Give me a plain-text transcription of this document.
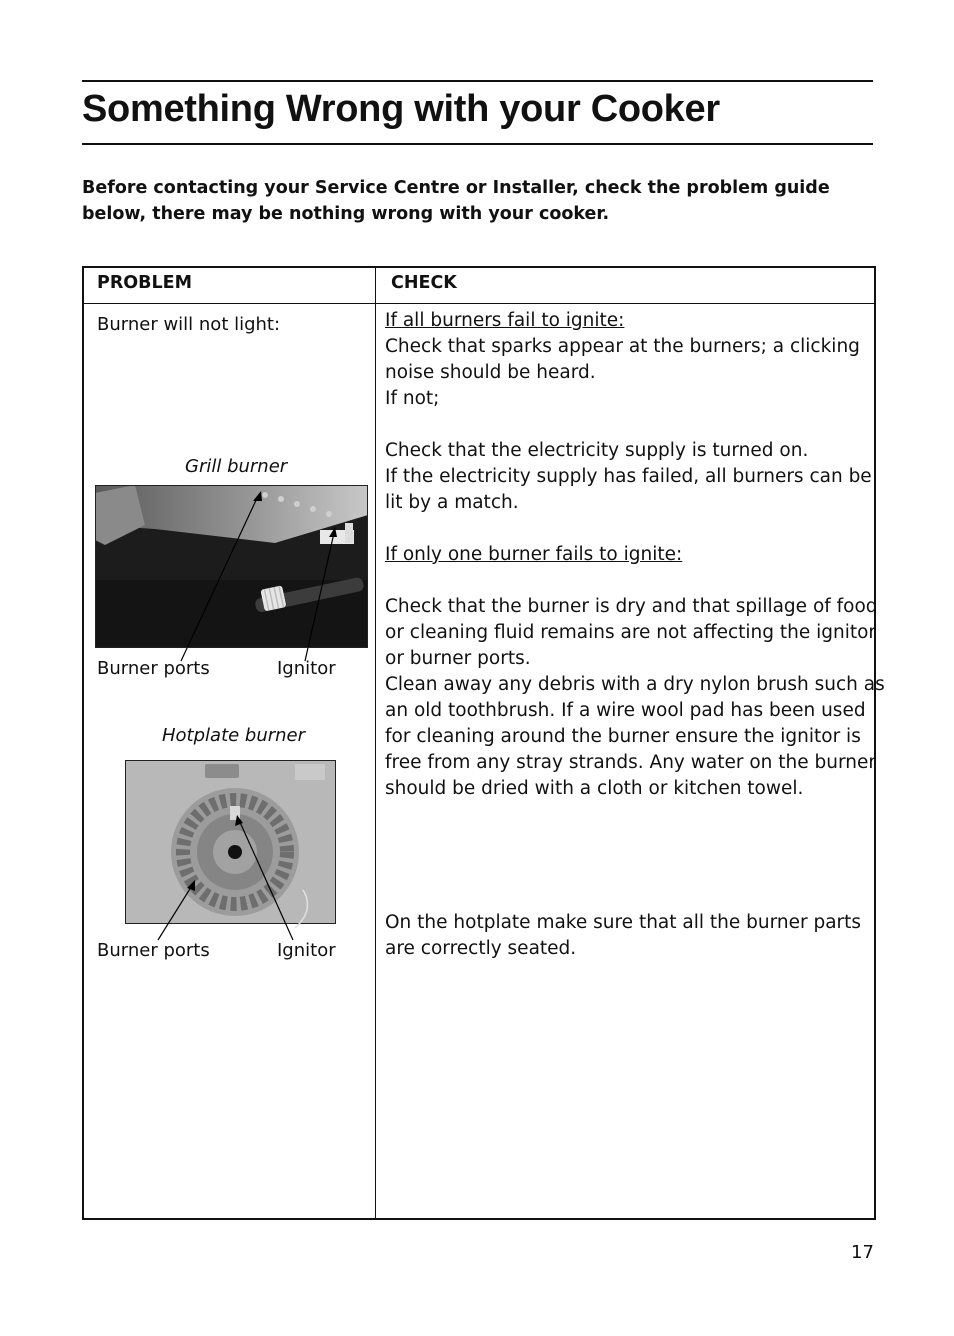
Something Wrong with your Cooker
Before contacting your Service Centre or Installer, check the problem guide below, there may be nothing wrong with your cooker.
PROBLEM	CHECK
Burner will not light:
Grill burner
Burner ports	Ignitor
Hotplate burner
Burner ports	Ignitor

If all burners fail to ignite:

Check that sparks appear at the burners; a clicking

noise should be heard.

If not;

Check that the electricity supply is turned on.

If the electricity supply has failed, all burners can be

lit by a match.

If only one burner fails to ignite:

Check that the burner is dry and that spillage of food

or cleaning fluid remains are not affecting the ignitor

or burner ports.

Clean away any debris with a dry nylon brush such as

an old toothbrush. If a wire wool pad has been used

for cleaning around the burner ensure the ignitor is

free from any stray strands. Any water on the burner

should be dried with a cloth or kitchen towel.

On the hotplate make sure that all the burner parts

are correctly seated.

17
